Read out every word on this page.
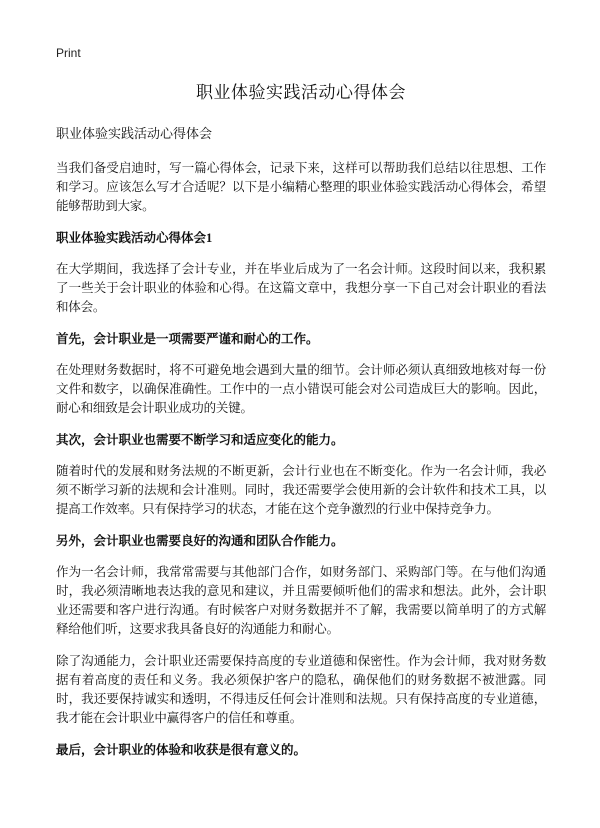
Print
职业体验实践活动心得体会
职业体验实践活动心得体会

当我们备受启迪时，写一篇心得体会，记录下来，这样可以帮助我们总结以往思想、工作和学习。应该怎么写才合适呢？以下是小编精心整理的职业体验实践活动心得体会，希望能够帮助到大家。

职业体验实践活动心得体会1

在大学期间，我选择了会计专业，并在毕业后成为了一名会计师。这段时间以来，我积累了一些关于会计职业的体验和心得。在这篇文章中，我想分享一下自己对会计职业的看法和体会。

首先，会计职业是一项需要严谨和耐心的工作。

在处理财务数据时，将不可避免地会遇到大量的细节。会计师必须认真细致地核对每一份文件和数字，以确保准确性。工作中的一点小错误可能会对公司造成巨大的影响。因此，耐心和细致是会计职业成功的关键。

其次，会计职业也需要不断学习和适应变化的能力。

随着时代的发展和财务法规的不断更新，会计行业也在不断变化。作为一名会计师，我必须不断学习新的法规和会计准则。同时，我还需要学会使用新的会计软件和技术工具，以提高工作效率。只有保持学习的状态，才能在这个竞争激烈的行业中保持竞争力。

另外，会计职业也需要良好的沟通和团队合作能力。

作为一名会计师，我常常需要与其他部门合作，如财务部门、采购部门等。在与他们沟通时，我必须清晰地表达我的意见和建议，并且需要倾听他们的需求和想法。此外，会计职业还需要和客户进行沟通。有时候客户对财务数据并不了解，我需要以简单明了的方式解释给他们听，这要求我具备良好的沟通能力和耐心。

除了沟通能力，会计职业还需要保持高度的专业道德和保密性。作为会计师，我对财务数据有着高度的责任和义务。我必须保护客户的隐私，确保他们的财务数据不被泄露。同时，我还要保持诚实和透明，不得违反任何会计准则和法规。只有保持高度的专业道德，我才能在会计职业中赢得客户的信任和尊重。

最后，会计职业的体验和收获是很有意义的。
